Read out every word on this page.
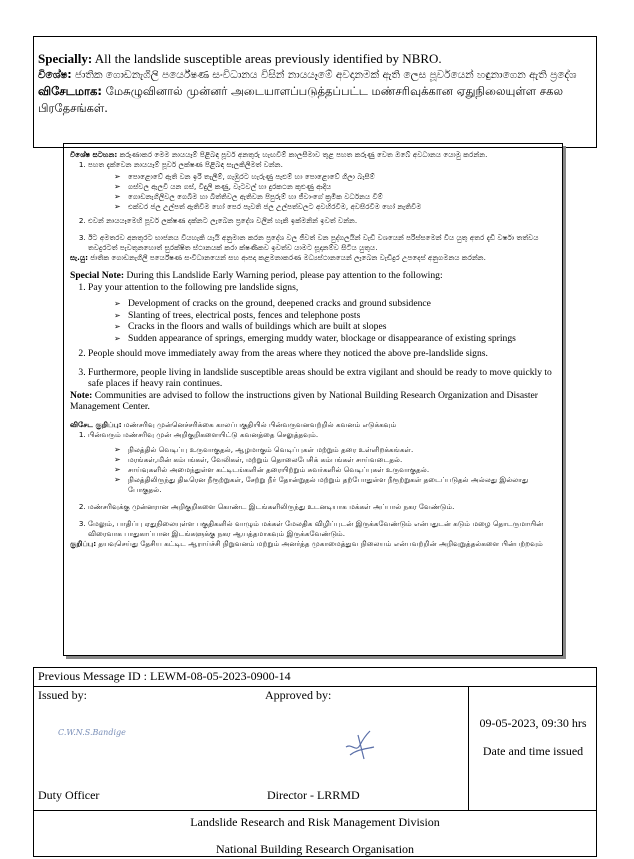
Specially: All the landslide susceptible areas previously identified by NBRO.

විශේෂ: ජාතික ගොඩනැගිලි පර්යේෂණ සංවිධානය විසින් නායයෑමේ අවදානමක් ඇති ලෙස පූර්වයෙන් හඳුනාගෙන ඇති ප්‍රදේශ

விசேடமாக: மேசுழுவினால் முன்னர் அடையாளப்படுத்தப்பட்ட மண்சரிவுக்கான ஏதுநிலையுள்ள சகல பிரதேசங்கள்.

විශේෂ සටහන: කරුණාකර මෙම නායයෑම් පිළිබඳ පූර්ව අනතුරු හැඟවීම් කාලසීමාව තුළ පහත කරුණු වෙත ඔබේ අවධානය යොමු කරන්න.

1. පහත දැක්වෙන නායයෑම් පූර්ව ලක්ෂණ පිළිබඳ සැලකිලිමත් වන්න.
➢ පොළොවේ ඇති වන ඉරි තැලීම්, ගැඹුරට හැරුණු පැළුම් හා පොළොවේ ගිලා බැසීම්
➢ ගස්වල ඇලවී යන ගස්, විදුලි කණු, වැටවල් හා දුරකථන කුළුණු ආදිය
➢ ගොඩනැගිලිවල ගෙබිම හා බිත්තිවල ඇතිවන පිපුරුම් හා ජීවාංගේ ක්‍රමික වර්ධනය වීම්
➢ එක්වර ජල උල්පත් ඇතිවීම හෝ පෙර පැවති ජල උල්පත්වලට අවහිරවීම, අවසිරවීම හෝ නැතිවීම
2. එවන් නායයෑමෙහි පූර්ව ලක්ෂණ දක්නට ලැබෙන ප්‍රදේශ වලින් හැකි ඉක්මනින් ඉවත් වන්න.
3. ඊට අමතරව අනතුරට භාජනය වියහැකි යැයි අනුමාන කරන ප්‍රදේශ වල ජීවත් වන පුද්ගලයින් වැඩි වශයෙන් පරිස්සමෙන් විය යුතු අතර දැඩි වර්ෂා තත්වය තවදුරටත් පැවතුනහොත් සුරක්ෂිත ස්ථානයක් කරා ක්ෂණිකව ඉවත්ව යාමට සූදානම්ව සිටිය යුතුය.

සැ.යු: ජාතික ගොඩනැගිලි පර්යේෂණ සංවිධානයෙන් සහ ආපදා කළමනාකරණ මධ්‍යස්ථානයෙන් ලැබෙන වැඩිදුර උපදෙස් අනුගමනය කරන්න.

Special Note: During this Landslide Early Warning period, please pay attention to the following:

1. Pay your attention to the following pre landslide signs,
➢ Development of cracks on the ground, deepened cracks and ground subsidence
➢ Slanting of trees, electrical posts, fences and telephone posts
➢ Cracks in the floors and walls of buildings which are built at slopes
➢ Sudden appearance of springs, emerging muddy water, blockage or disappearance of existing springs
2. People should move immediately away from the areas where they noticed the above pre-landslide signs.
3. Furthermore, people living in landslide susceptible areas should be extra vigilant and should be ready to move quickly to safe places if heavy rain continues.

Note: Communities are advised to follow the instructions given by National Building Research Organization and Disaster Management Center.

விசேட குறிப்பு: மண்சரிவு முன்னெச்சரிக்கை காலப்பகுதியில் பின்வருவனவற்றில் கவனம் எடுக்கவும்

1. பின்வரும் மண்சரிவு முன் அறிகுறிகளையிட்டு கவனத்தை செலுத்தவும்.
➢ நிலத்தில் வெடிப்பு உருவாகுதல், ஆழமாகும் வெடிப்புகள் மற்றும் தரை உள்ளிறக்கங்கள்.
➢ மரங்கள்,மின் கம்பங்கள், வேலிகள், மற்றும் தொலைபேசிக் கம்பங்கள் சாய்வடைதல்.
➢ சாய்வுகளில் அமைந்துள்ள கட்டிடங்களின் தரையிற்றும் சுவர்களில் வெடிப்புகள் உருவாகுதல்.
➢ நிலத்திலிருந்து திடீரென நீரூற்றுகள், சேற்று நீர் தோன்றுதல் மற்றும் தற்போதுள்ள நீரூற்றுகள் தடைப்படுதல் அல்லது இல்லாது போகுதல்.
2. மண்சரிவுக்கு முன்னரான அறிகுறிகளை கொண்ட இடங்களிலிருந்து உடனடியாக மக்கள் அப்பால் நகர வேண்டும்.
3. மேலும், பாதிப்பு ஏதுநிலையுள்ள பகுதிகளில் வாழும் மக்கள் மேலதிக விழிப்புடன் இருக்கவேண்டும் என்பதுடன் கடும் மழை தொடருமாயின் விரைவாக பாதுகாப்பான இடங்களுக்கு நகர ஆயத்தமாகவும் இருக்கவேண்டும்.

குறிப்பு: தயவுசெய்து தேசிய கட்டிட ஆராய்ச்சி நிறுவனம் மற்றும் அனர்த்த முகாமைத்துவ நிலையம் என்பவற்றின் அறிவுறுத்தல்களை பின்பற்றவும்

Previous Message ID : LEWM-08-05-2023-0900-14
Issued by:
C.W.N.S.Bandige
Duty Officer
Approved by:
Director - LRRMD
09-05-2023, 09:30 hrs
Date and time issued
Landslide Research and Risk Management Division
National Building Research Organisation
